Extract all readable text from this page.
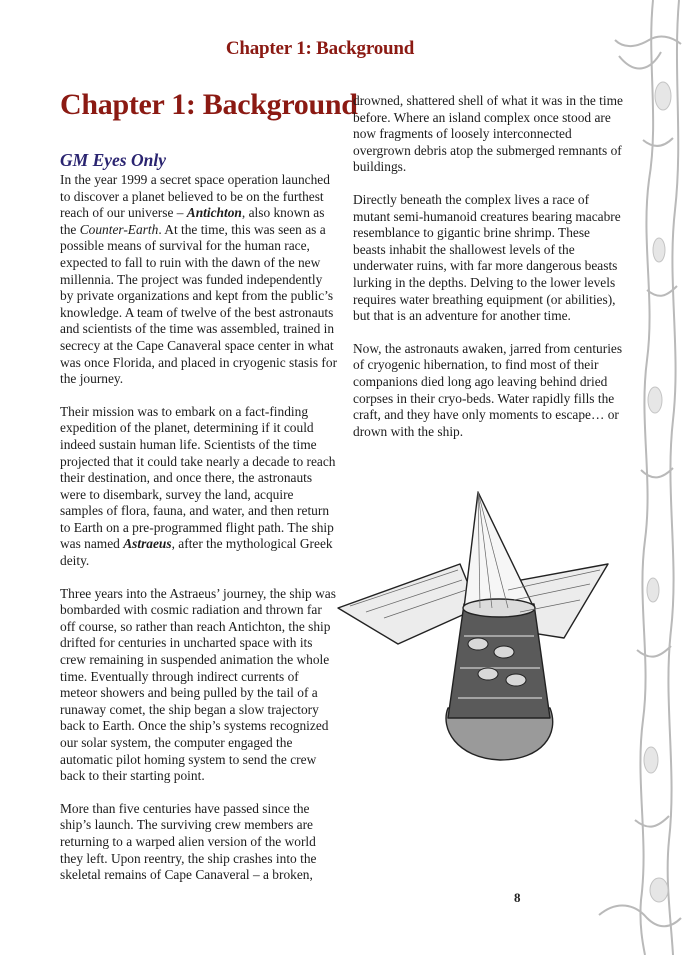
Chapter 1: Background
Chapter 1: Background
GM Eyes Only

In the year 1999 a secret space operation launched to discover a planet believed to be on the furthest reach of our universe – Antichton, also known as the Counter-Earth. At the time, this was seen as a possible means of survival for the human race, expected to fall to ruin with the dawn of the new millennia. The project was funded independently by private organizations and kept from the public’s knowledge. A team of twelve of the best astronauts and scientists of the time was assembled, trained in secrecy at the Cape Canaveral space center in what was once Florida, and placed in cryogenic stasis for the journey.

Their mission was to embark on a fact-finding expedition of the planet, determining if it could indeed sustain human life. Scientists of the time projected that it could take nearly a decade to reach their destination, and once there, the astronauts were to disembark, survey the land, acquire samples of flora, fauna, and water, and then return to Earth on a pre-programmed flight path. The ship was named Astraeus, after the mythological Greek deity.

Three years into the Astraeus’ journey, the ship was bombarded with cosmic radiation and thrown far off course, so rather than reach Antichton, the ship drifted for centuries in uncharted space with its crew remaining in suspended animation the whole time. Eventually through indirect currents of meteor showers and being pulled by the tail of a runaway comet, the ship began a slow trajectory back to Earth. Once the ship’s systems recognized our solar system, the computer engaged the automatic pilot homing system to send the crew back to their starting point.

More than five centuries have passed since the ship’s launch. The surviving crew members are returning to a warped alien version of the world they left. Upon reentry, the ship crashes into the skeletal remains of Cape Canaveral – a broken,

drowned, shattered shell of what it was in the time before. Where an island complex once stood are now fragments of loosely interconnected overgrown debris atop the submerged remnants of buildings.

Directly beneath the complex lives a race of mutant semi-humanoid creatures bearing macabre resemblance to gigantic brine shrimp. These beasts inhabit the shallowest levels of the underwater ruins, with far more dangerous beasts lurking in the depths. Delving to the lower levels requires water breathing equipment (or abilities), but that is an adventure for another time.

Now, the astronauts awaken, jarred from centuries of cryogenic hibernation, to find most of their companions died long ago leaving behind dried corpses in their cryo-beds. Water rapidly fills the craft, and they have only moments to escape… or drown with the ship.

8
